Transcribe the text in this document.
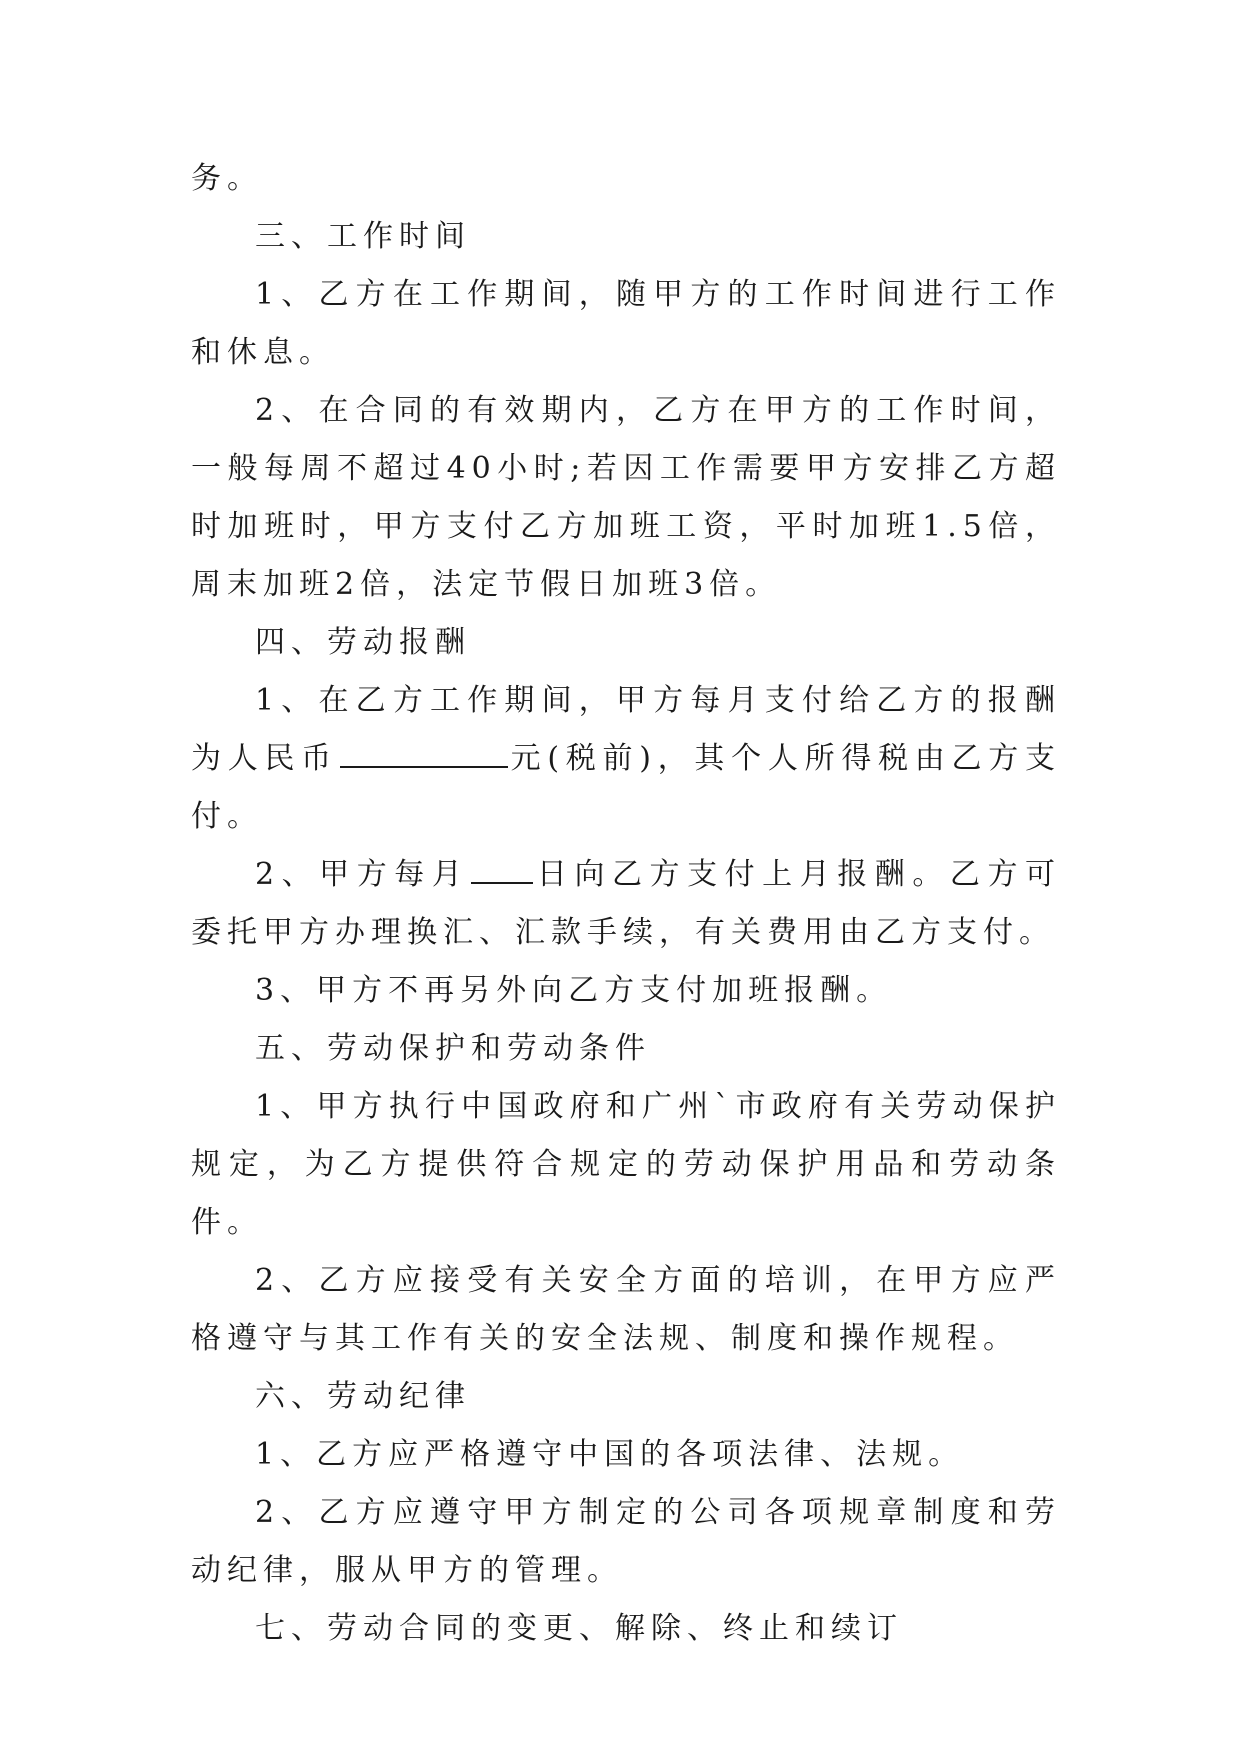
务。

三、工作时间

1、乙方在工作期间，随甲方的工作时间进行工作和休息。

2、在合同的有效期内，乙方在甲方的工作时间，一般每周不超过40小时;若因工作需要甲方安排乙方超时加班时，甲方支付乙方加班工资，平时加班1.5倍，周末加班2倍，法定节假日加班3倍。

四、劳动报酬

1、在乙方工作期间，甲方每月支付给乙方的报酬为人民币	元(税前)，其个人所得税由乙方支付。

2、甲方每月 日向乙方支付上月报酬。乙方可委托甲方办理换汇、汇款手续，有关费用由乙方支付。

3、甲方不再另外向乙方支付加班报酬。

五、劳动保护和劳动条件

1、甲方执行中国政府和广州`市政府有关劳动保护规定，为乙方提供符合规定的劳动保护用品和劳动条件。

2、乙方应接受有关安全方面的培训，在甲方应严格遵守与其工作有关的安全法规、制度和操作规程。

六、劳动纪律

1、乙方应严格遵守中国的各项法律、法规。

2、乙方应遵守甲方制定的公司各项规章制度和劳动纪律，服从甲方的管理。

七、劳动合同的变更、解除、终止和续订
